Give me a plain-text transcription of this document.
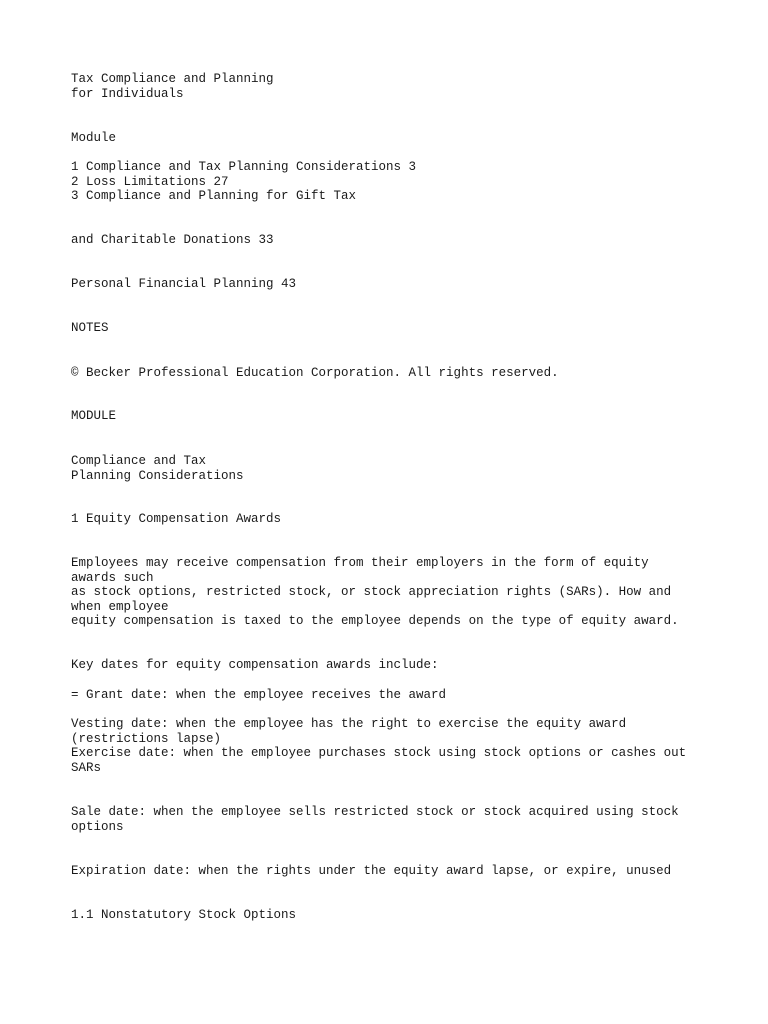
Tax Compliance and Planning
for Individuals
Module
1 Compliance and Tax Planning Considerations 3
2 Loss Limitations 27
3 Compliance and Planning for Gift Tax
and Charitable Donations 33
Personal Financial Planning 43
NOTES
© Becker Professional Education Corporation. All rights reserved.
MODULE
Compliance and Tax
Planning Considerations
1 Equity Compensation Awards
Employees may receive compensation from their employers in the form of equity
awards such
as stock options, restricted stock, or stock appreciation rights (SARs). How and
when employee
equity compensation is taxed to the employee depends on the type of equity award.
Key dates for equity compensation awards include:
= Grant date: when the employee receives the award
Vesting date: when the employee has the right to exercise the equity award
(restrictions lapse)
Exercise date: when the employee purchases stock using stock options or cashes out
SARs
Sale date: when the employee sells restricted stock or stock acquired using stock
options
Expiration date: when the rights under the equity award lapse, or expire, unused
1.1 Nonstatutory Stock Options
